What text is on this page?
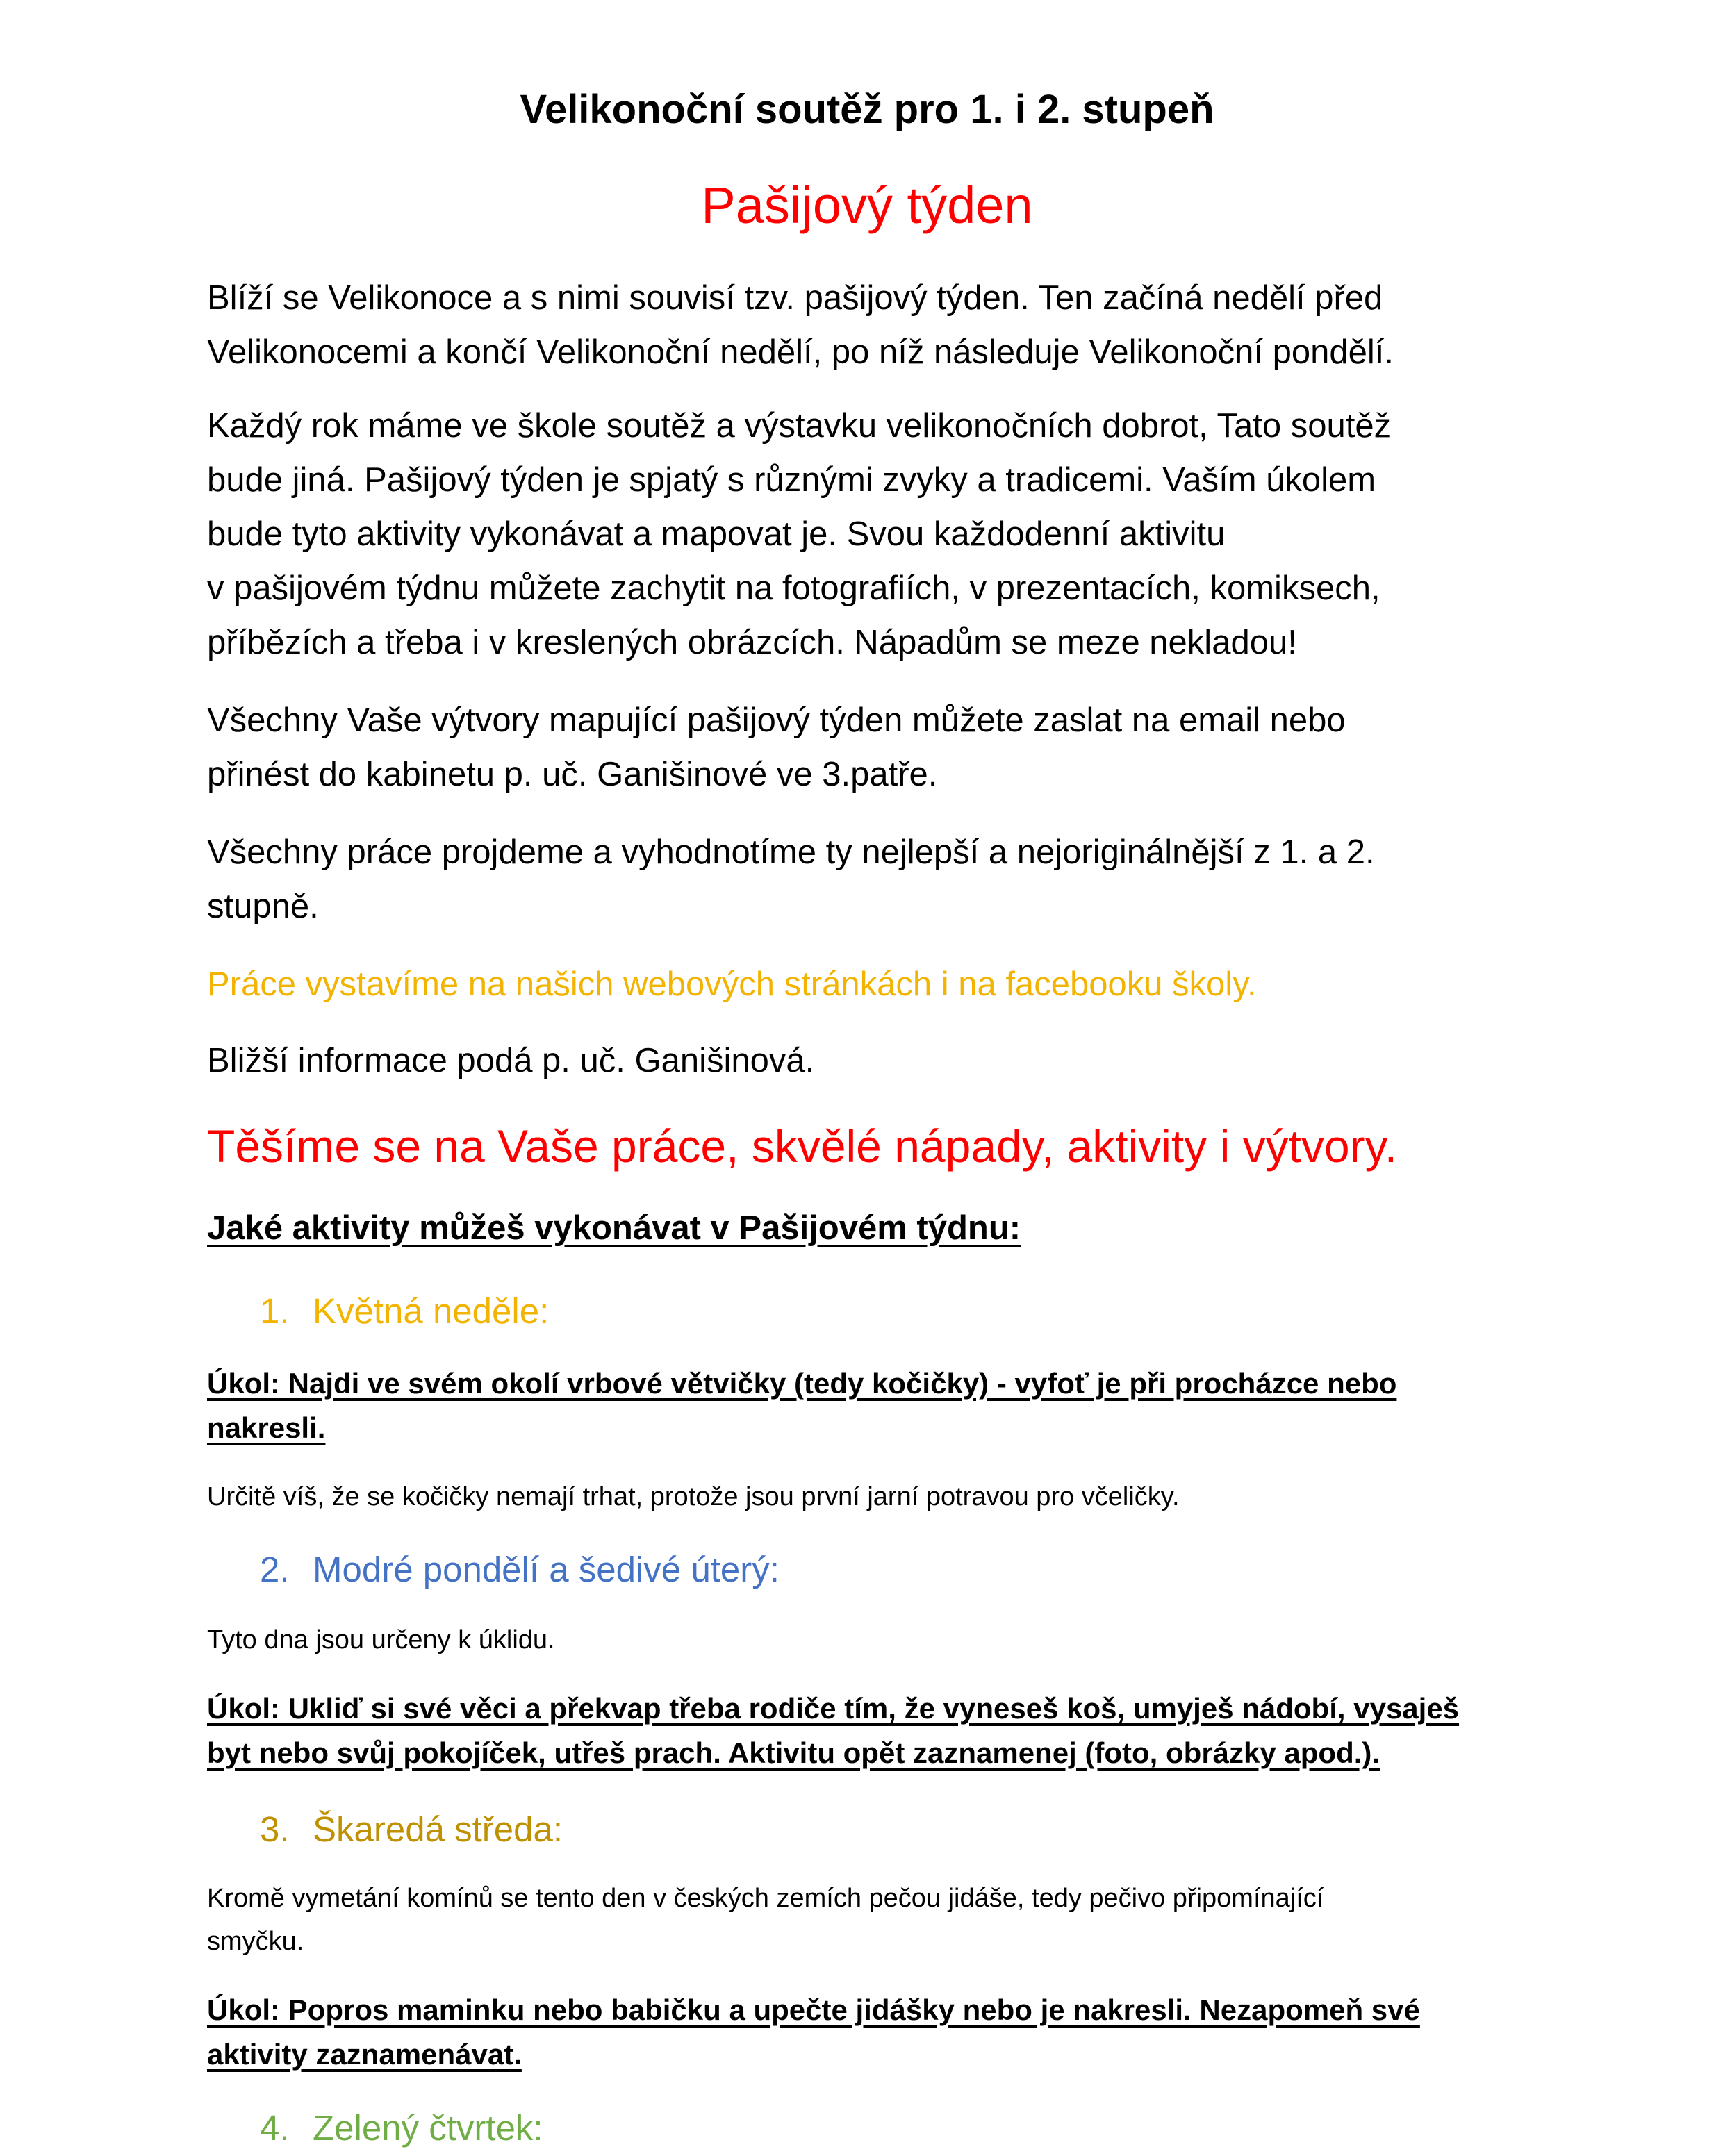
Velikonoční soutěž pro 1. i 2. stupeň
Pašijový týden
Blíží se Velikonoce a s nimi souvisí tzv. pašijový týden. Ten začíná nedělí před
Velikonocemi a končí Velikonoční nedělí, po níž následuje Velikonoční pondělí.
Každý rok máme ve škole soutěž a výstavku velikonočních dobrot, Tato soutěž
bude jiná. Pašijový týden je spjatý s různými zvyky a tradicemi. Vaším úkolem
bude tyto aktivity vykonávat a mapovat je. Svou každodenní aktivitu
v pašijovém týdnu můžete zachytit na fotografiích, v prezentacích, komiksech,
příbězích a třeba i v kreslených obrázcích. Nápadům se meze nekladou!
Všechny Vaše výtvory mapující pašijový týden můžete zaslat na email nebo
přinést do kabinetu p. uč. Ganišinové ve 3.patře.
Všechny práce projdeme a vyhodnotíme ty nejlepší a nejoriginálnější z 1. a 2.
stupně.
Práce vystavíme na našich webových stránkách i na facebooku školy.
Bližší informace podá p. uč. Ganišinová.
Těšíme se na Vaše práce, skvělé nápady, aktivity i výtvory.
Jaké aktivity můžeš vykonávat v Pašijovém týdnu:
1. Květná neděle:
Úkol: Najdi ve svém okolí vrbové větvičky (tedy kočičky) - vyfoť je při procházce nebo
nakresli.
Určitě víš, že se kočičky nemají trhat, protože jsou první jarní potravou pro včeličky.
2. Modré pondělí a šedivé úterý:
Tyto dna jsou určeny k úklidu.
Úkol: Ukliď si své věci a překvap třeba rodiče tím, že vyneseš koš, umyješ nádobí, vysaješ
byt nebo svůj pokojíček, utřeš prach. Aktivitu opět zaznamenej (foto, obrázky apod.).
3. Škaredá středa:
Kromě vymetání komínů se tento den v českých zemích pečou jidáše, tedy pečivo připomínající
smyčku.
Úkol: Popros maminku nebo babičku a upečte jidášky nebo je nakresli. Nezapomeň své
aktivity zaznamenávat.
4. Zelený čtvrtek:
